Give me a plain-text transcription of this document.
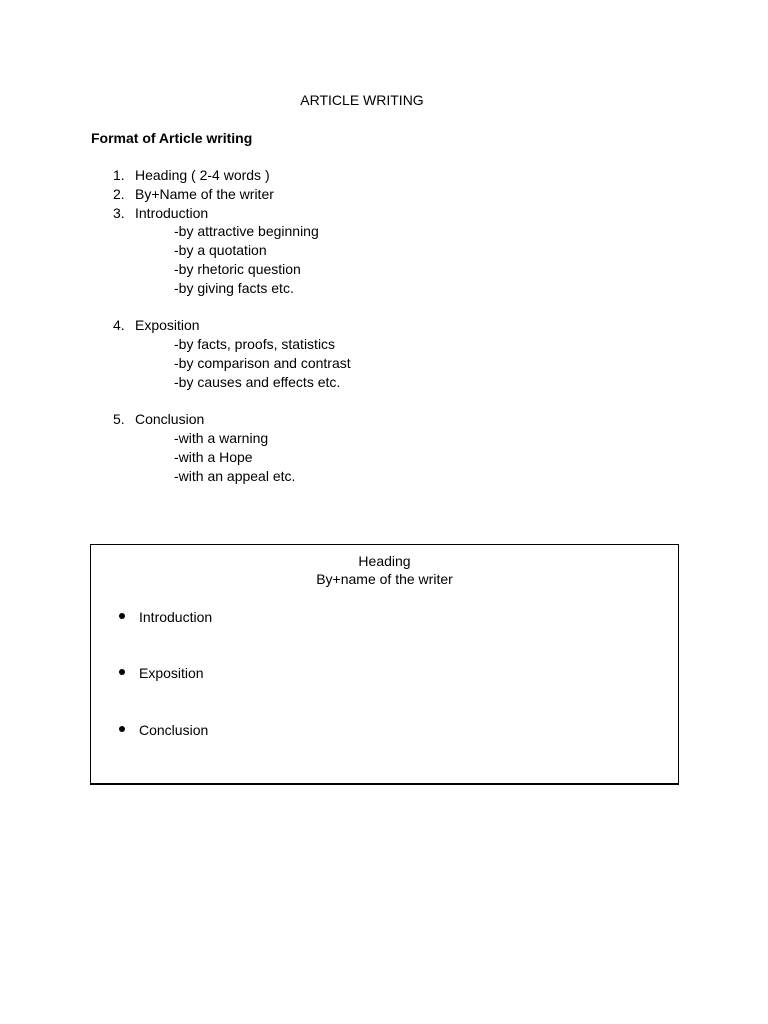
ARTICLE WRITING
Format of Article writing
1. Heading ( 2-4 words )
2. By+Name of the writer
3. Introduction
-by attractive beginning
-by a quotation
-by rhetoric question
-by giving facts etc.
4. Exposition
-by facts, proofs, statistics
-by comparison and contrast
-by causes and effects etc.
5. Conclusion
-with a warning
-with a Hope
-with an appeal etc.
Heading
By+name of the writer
Introduction
Exposition
Conclusion
